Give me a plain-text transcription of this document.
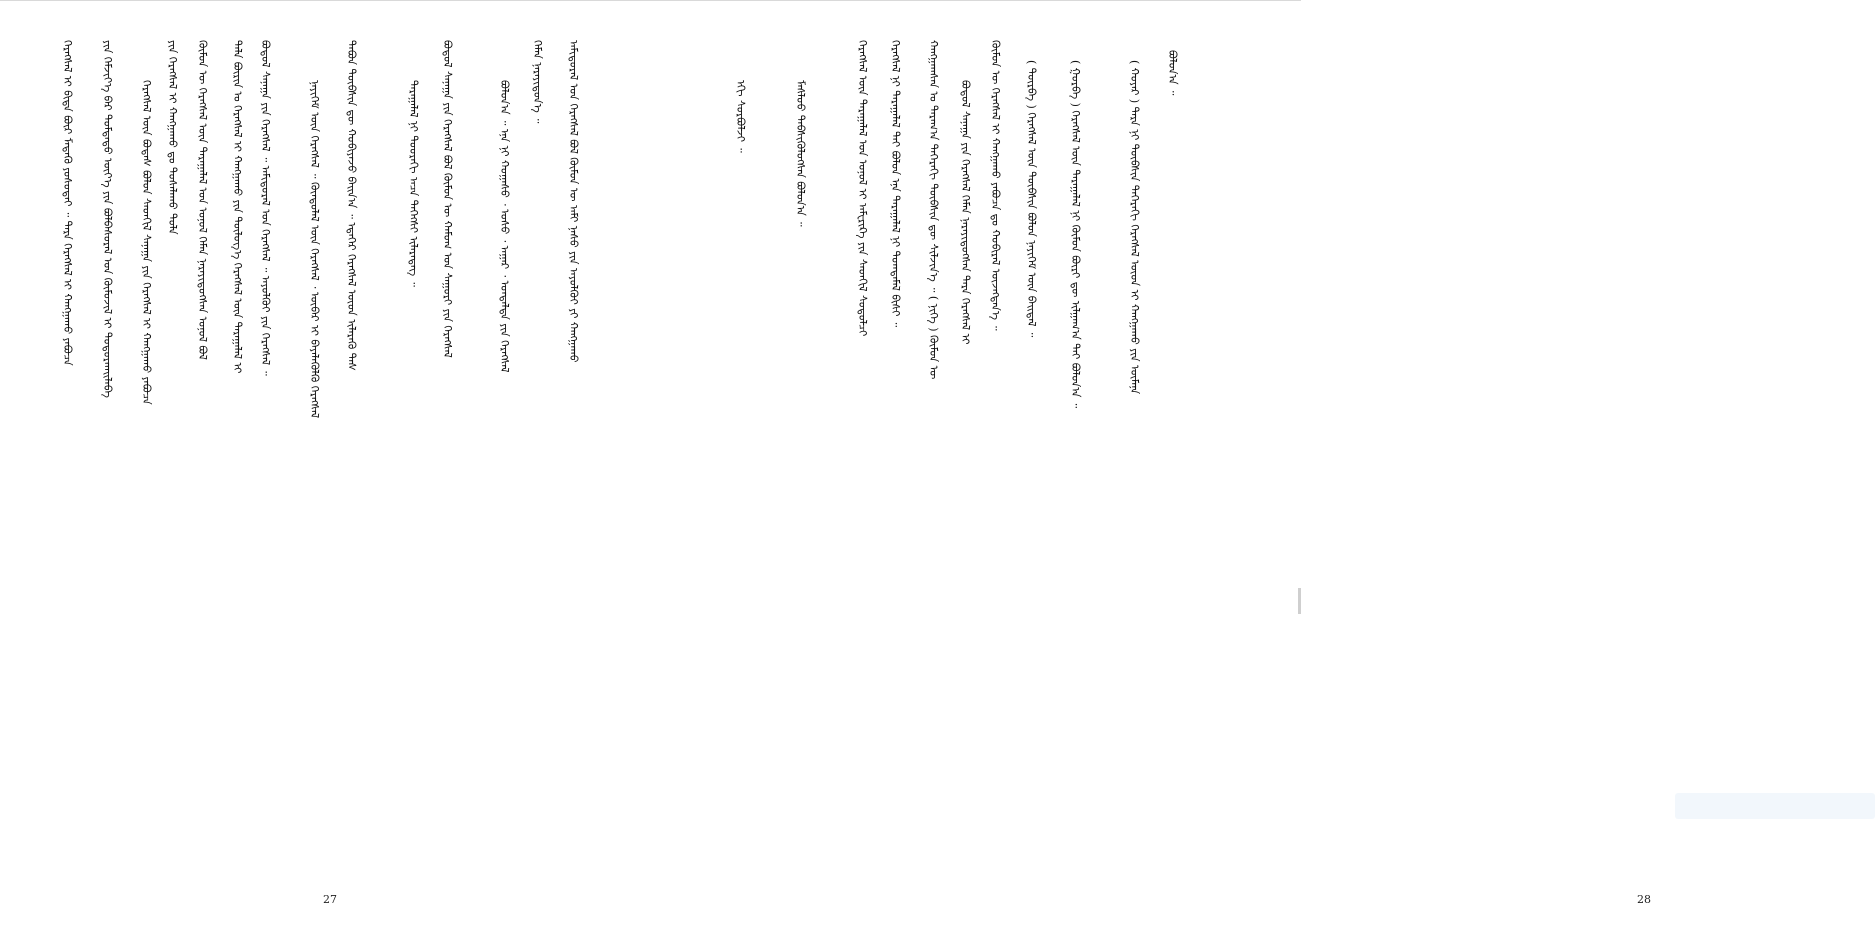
ᠬᠡᠷᠡᠭᠰᠡᠯ ᠢ ᠪᠢᠳᠡ ᠪᠦᠷ ᠮᠡᠳᠡᠬᠦ ᠶᠣᠰᠣᠳᠠᠢ ᠃ ᠲᠡᠷᠡ ᠬᠡᠷᠡᠭᠰᠡᠯ ᠢ ᠬᠠᠩᠭᠠᠬᠤ ᠶᠠᠪᠤᠴᠠ ᠶᠢᠨ ᠬᠡᠮᠵᠢᠶ᠎ᠡ ᠪᠡᠷ ᠳᠤᠮᠳᠠᠳᠤ ᠦᠶ᠎ᠡ ᠶᠢᠨ ᠪᠣᠯᠪᠠᠰᠤᠷᠠᠯ ᠤᠨ ᠬᠦᠮᠦᠵᠢᠯ ᠢ ᠲᠣᠳᠣᠷᠬᠠᠢᠯᠠᠪᠠ ᠬᠡᠷᠡᠭᠰᠡᠯ ᠦᠨ ᠪᠣᠳᠠᠰ ᠪᠣᠯᠤᠨ ᠰᠡᠳᠬᠢᠯ ᠰᠠᠨᠠᠭᠠ ᠶᠢᠨ ᠬᠡᠷᠡᠭᠰᠡᠯ ᠢ ᠬᠠᠩᠭᠠᠬᠤ ᠶᠠᠪᠤᠴᠠ ᠶᠢᠨ ᠬᠡᠷᠡᠭᠰᠡᠯ ᠢ ᠬᠠᠩᠭᠠᠬᠤ ᠳᠤ ᠲᠤᠰᠠᠯᠠᠬᠤ ᠲᠤᠯᠠ ᠬᠦᠮᠦᠨ ᠦ ᠬᠡᠷᠡᠭᠰᠡᠯ ᠦᠨ ᠳᠠᠷᠠᠭᠠᠯᠠᠯ ᠤᠨ ᠣᠨᠣᠯ ᠬᠡᠮᠡᠨ ᠨᠡᠷᠡᠶᠢᠳᠦᠭᠰᠡᠨ ᠣᠨᠣᠯ ᠪᠣᠯ ᠲᠠᠯᠠ ᠪᠦᠷᠢᠨ ᠤ ᠬᠡᠷᠡᠭᠰᠡᠯ ᠢ ᠬᠠᠩᠭᠠᠬᠤ ᠶᠢᠨ ᠲᠥᠯᠥᠭ᠎ᠡ ᠬᠡᠷᠡᠭᠰᠡᠯ ᠦᠨ ᠳᠠᠷᠠᠭᠠᠯᠠᠯ ᠢ ᠪᠣᠳᠤᠯ ᠰᠠᠨᠠᠭᠠ ᠶᠢᠨ ᠬᠡᠷᠡᠭᠰᠡᠯ ᠃ ᠠᠮᠢᠳᠤᠷᠠᠯ ᠤᠨ ᠬᠡᠷᠡᠭᠰᠡᠯ ᠃ ᠠᠶᠤᠯᠭᠦᠢ ᠶᠢᠨ ᠬᠡᠷᠡᠭᠰᠡᠯ ᠃	ᠨᠡᠶᠢᠭᠡᠮ ᠦᠨ ᠬᠡᠷᠡᠭᠰᠡᠯ ᠃ ᠬᠦᠨᠳᠦᠯᠡᠯ ᠦᠨ ᠬᠡᠷᠡᠭᠰᠡᠯ ᠂ ᠥᠪᠡᠷ ᠢ ᠪᠡᠶᠡᠯᠡᠭᠦᠯᠬᠦ ᠬᠡᠷᠡᠭᠰᠡᠯ ᠲᠠᠪᠤᠨ ᠲᠦᠪᠰᠢᠨ ᠳᠦ ᠬᠤᠪᠢᠶᠠᠵᠤ ᠪᠠᠢᠨ᠎ᠠ ᠃ ᠡᠳᠡᠭᠡᠷ ᠬᠡᠷᠡᠭᠰᠡᠯ ᠦᠳ ᠢᠯᠡᠷᠡᠬᠦ ᠳᠡᠰ	ᠳᠠᠷᠠᠭᠠᠯᠠᠯ ᠨᠢ ᠳᠣᠣᠷᠠᠬᠢ ᠠᠴᠠ ᠳᠡᠭᠡᠭᠰᠢ ᠢᠯᠡᠷᠡᠳᠡᠭ ᠃ ᠪᠣᠳᠤᠯ ᠰᠠᠨᠠᠭᠠ ᠶᠢᠨ ᠬᠡᠷᠡᠭᠰᠡᠯ ᠪᠣᠯ ᠬᠦᠮᠦᠨ ᠦ ᠬᠠᠮᠤᠭ ᠤᠨ ᠰᠠᠭᠤᠷᠢ ᠶᠢᠨ ᠬᠡᠷᠡᠭᠰᠡᠯ	ᠪᠣᠯᠤᠨ᠎ᠠ ᠃ ᠡᠨᠡ ᠨᠢ ᠬᠤᠭᠠᠰᠤ ᠂ ᠤᠰᠤ ᠂ ᠠᠭᠠᠷ ᠂ ᠤᠨᠳᠠᠯᠲᠠ ᠶᠢᠨ ᠬᠡᠷᠡᠭᠰᠡᠯ ᠬᠡᠮᠡᠨ ᠨᠡᠷᠡᠶᠢᠳᠦᠨ᠎ᠡ ᠃ ᠠᠮᠢᠳᠤᠷᠠᠯ ᠤᠨ ᠬᠡᠷᠡᠭᠰᠡᠯ ᠪᠣᠯ ᠬᠦᠮᠦᠨ ᠦ ᠠᠮᠢ ᠨᠠᠰᠤ ᠶᠢᠨ ᠠᠶᠤᠯᠭᠦᠢ ᠶᠢ ᠬᠠᠩᠭᠠᠬᠤ
27
ᠡᠬᠢ ᠰᠤᠷᠪᠤᠯᠵᠢ ᠃	ᠮᠠᠰᠯᠣᠤ ᠳᠡᠪᠰᠢᠭᠦᠯᠦᠭᠰᠡᠨ ᠪᠣᠯᠤᠨ᠎ᠠ ᠃	ᠬᠡᠷᠡᠭᠰᠡᠯ ᠦᠨ ᠳᠠᠷᠠᠭᠠᠯᠠᠯ ᠤᠨ ᠣᠨᠣᠯ ᠢ ᠠᠮᠧᠷᠢᠺᠠ ᠶᠢᠨ ᠰᠡᠳᠬᠢᠯ ᠰᠤᠳᠤᠯᠴᠢ ᠬᠡᠷᠡᠭᠰᠡᠯ ᠨᠢ ᠳᠠᠷᠠᠭᠠᠯᠠᠯ ᠲᠠᠢ ᠪᠣᠯᠤᠨ ᠡᠨᠡ ᠳᠠᠷᠠᠭᠠᠯᠠᠯ ᠨᠢ ᠲᠣᠭᠲᠠᠮᠠᠯ ᠪᠢᠰᠢ ᠃ ᠬᠠᠩᠭᠠᠭᠰᠠᠨ ᠤ ᠳᠠᠷᠠᠭ᠎ᠠ ᠳᠡᠭᠡᠷᠡᠬᠢ ᠲᠦᠪᠰᠢᠨ ᠳᠦ ᠰᠢᠯᠵᠢᠨ᠎ᠡ ᠃ ( ᠨᠢᠭᠡ ) ᠬᠦᠮᠦᠨ ᠦ ᠪᠣᠳᠤᠯ ᠰᠠᠨᠠᠭᠠ ᠶᠢᠨ ᠬᠡᠷᠡᠭᠰᠡᠯ ᠬᠡᠮᠡᠨ ᠨᠡᠷᠡᠶᠢᠳᠦᠭᠰᠡᠨ ᠲᠡᠷᠡ ᠬᠡᠷᠡᠭᠰᠡᠯ ᠢ ᠬᠦᠮᠦᠨ ᠦ ᠬᠡᠷᠡᠭᠰᠡᠯ ᠢ ᠬᠠᠩᠭᠠᠬᠤ ᠶᠠᠪᠤᠴᠠ ᠳᠤ ᠬᠤᠪᠢᠷᠠᠯ ᠦᠵᠡᠭᠳᠡᠨ᠎ᠡ ᠃ ( ᠳᠥᠷᠪᠡ ) ᠬᠡᠷᠡᠭᠰᠡᠯ ᠦᠨ ᠲᠦᠪᠰᠢᠨ ᠪᠣᠯᠤᠨ ᠨᠡᠶᠢᠭᠡᠮ ᠦᠨ ᠪᠠᠢᠳᠠᠯ ᠃	( ᠭᠤᠷᠪᠠ ) ᠬᠡᠷᠡᠭᠰᠡᠯ ᠦᠨ ᠳᠠᠷᠠᠭᠠᠯᠠᠯ ᠨᠢ ᠬᠦᠮᠦᠨ ᠪᠦᠷᠢ ᠳᠦ ᠢᠯᠭᠠᠭ᠎ᠠ ᠲᠠᠢ ᠪᠣᠯᠤᠨ᠎ᠠ ᠃	( ᠬᠣᠶᠠᠷ ) ᠲᠡᠷᠡ ᠨᠢ ᠲᠦᠪᠰᠢᠨ ᠳᠡᠭᠡᠷᠡᠬᠢ ᠬᠡᠷᠡᠭᠰᠡᠯ ᠦᠳ ᠢ ᠬᠠᠩᠭᠠᠬᠤ ᠶᠢᠨ ᠥᠮᠡᠨᠡ ᠪᠣᠯᠤᠨ᠎ᠠ ᠃
28
